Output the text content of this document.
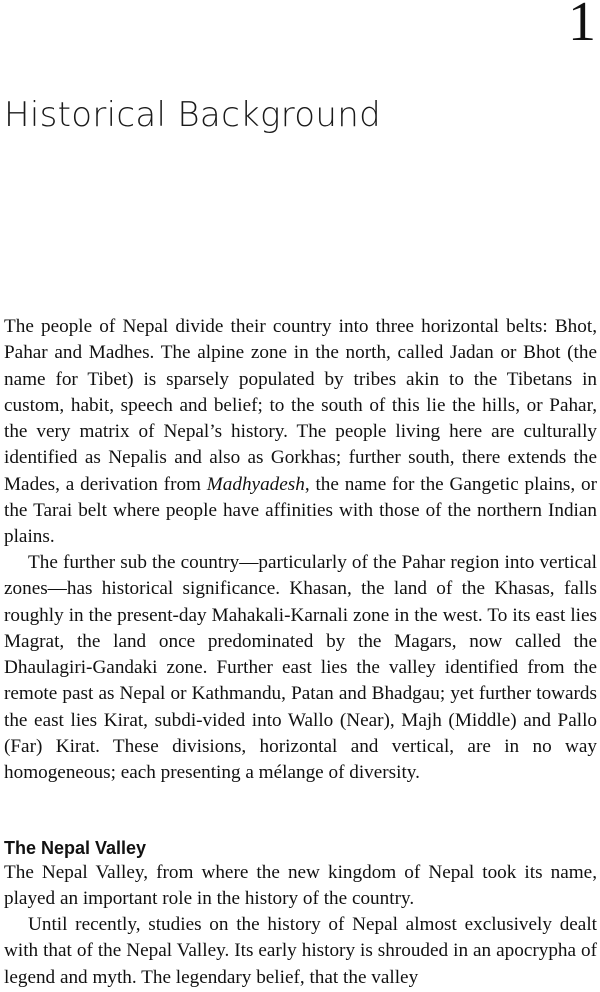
1
Historical Background

The people of Nepal divide their country into three horizontal belts: Bhot, Pahar and Madhes. The alpine zone in the north, called Jadan or Bhot (the name for Tibet) is sparsely populated by tribes akin to the Tibetans in custom, habit, speech and belief; to the south of this lie the hills, or Pahar, the very matrix of Nepal’s history. The people living here are culturally identified as Nepalis and also as Gorkhas; further south, there extends the Mades, a derivation from Madhyadesh, the name for the Gangetic plains, or the Tarai belt where people have affinities with those of the northern Indian plains.

The further sub the country—particularly of the Pahar region into vertical zones—has historical significance. Khasan, the land of the Khasas, falls roughly in the present-day Mahakali-Karnali zone in the west. To its east lies Magrat, the land once predominated by the Magars, now called the Dhaulagiri-Gandaki zone. Further east lies the valley identified from the remote past as Nepal or Kathmandu, Patan and Bhadgau; yet further towards the east lies Kirat, subdi-vided into Wallo (Near), Majh (Middle) and Pallo (Far) Kirat. These divisions, horizontal and vertical, are in no way homogeneous; each presenting a mélange of diversity.

The Nepal Valley

The Nepal Valley, from where the new kingdom of Nepal took its name, played an important role in the history of the country.

Until recently, studies on the history of Nepal almost exclusively dealt with that of the Nepal Valley. Its early history is shrouded in an apocrypha of legend and myth. The legendary belief, that the valley
